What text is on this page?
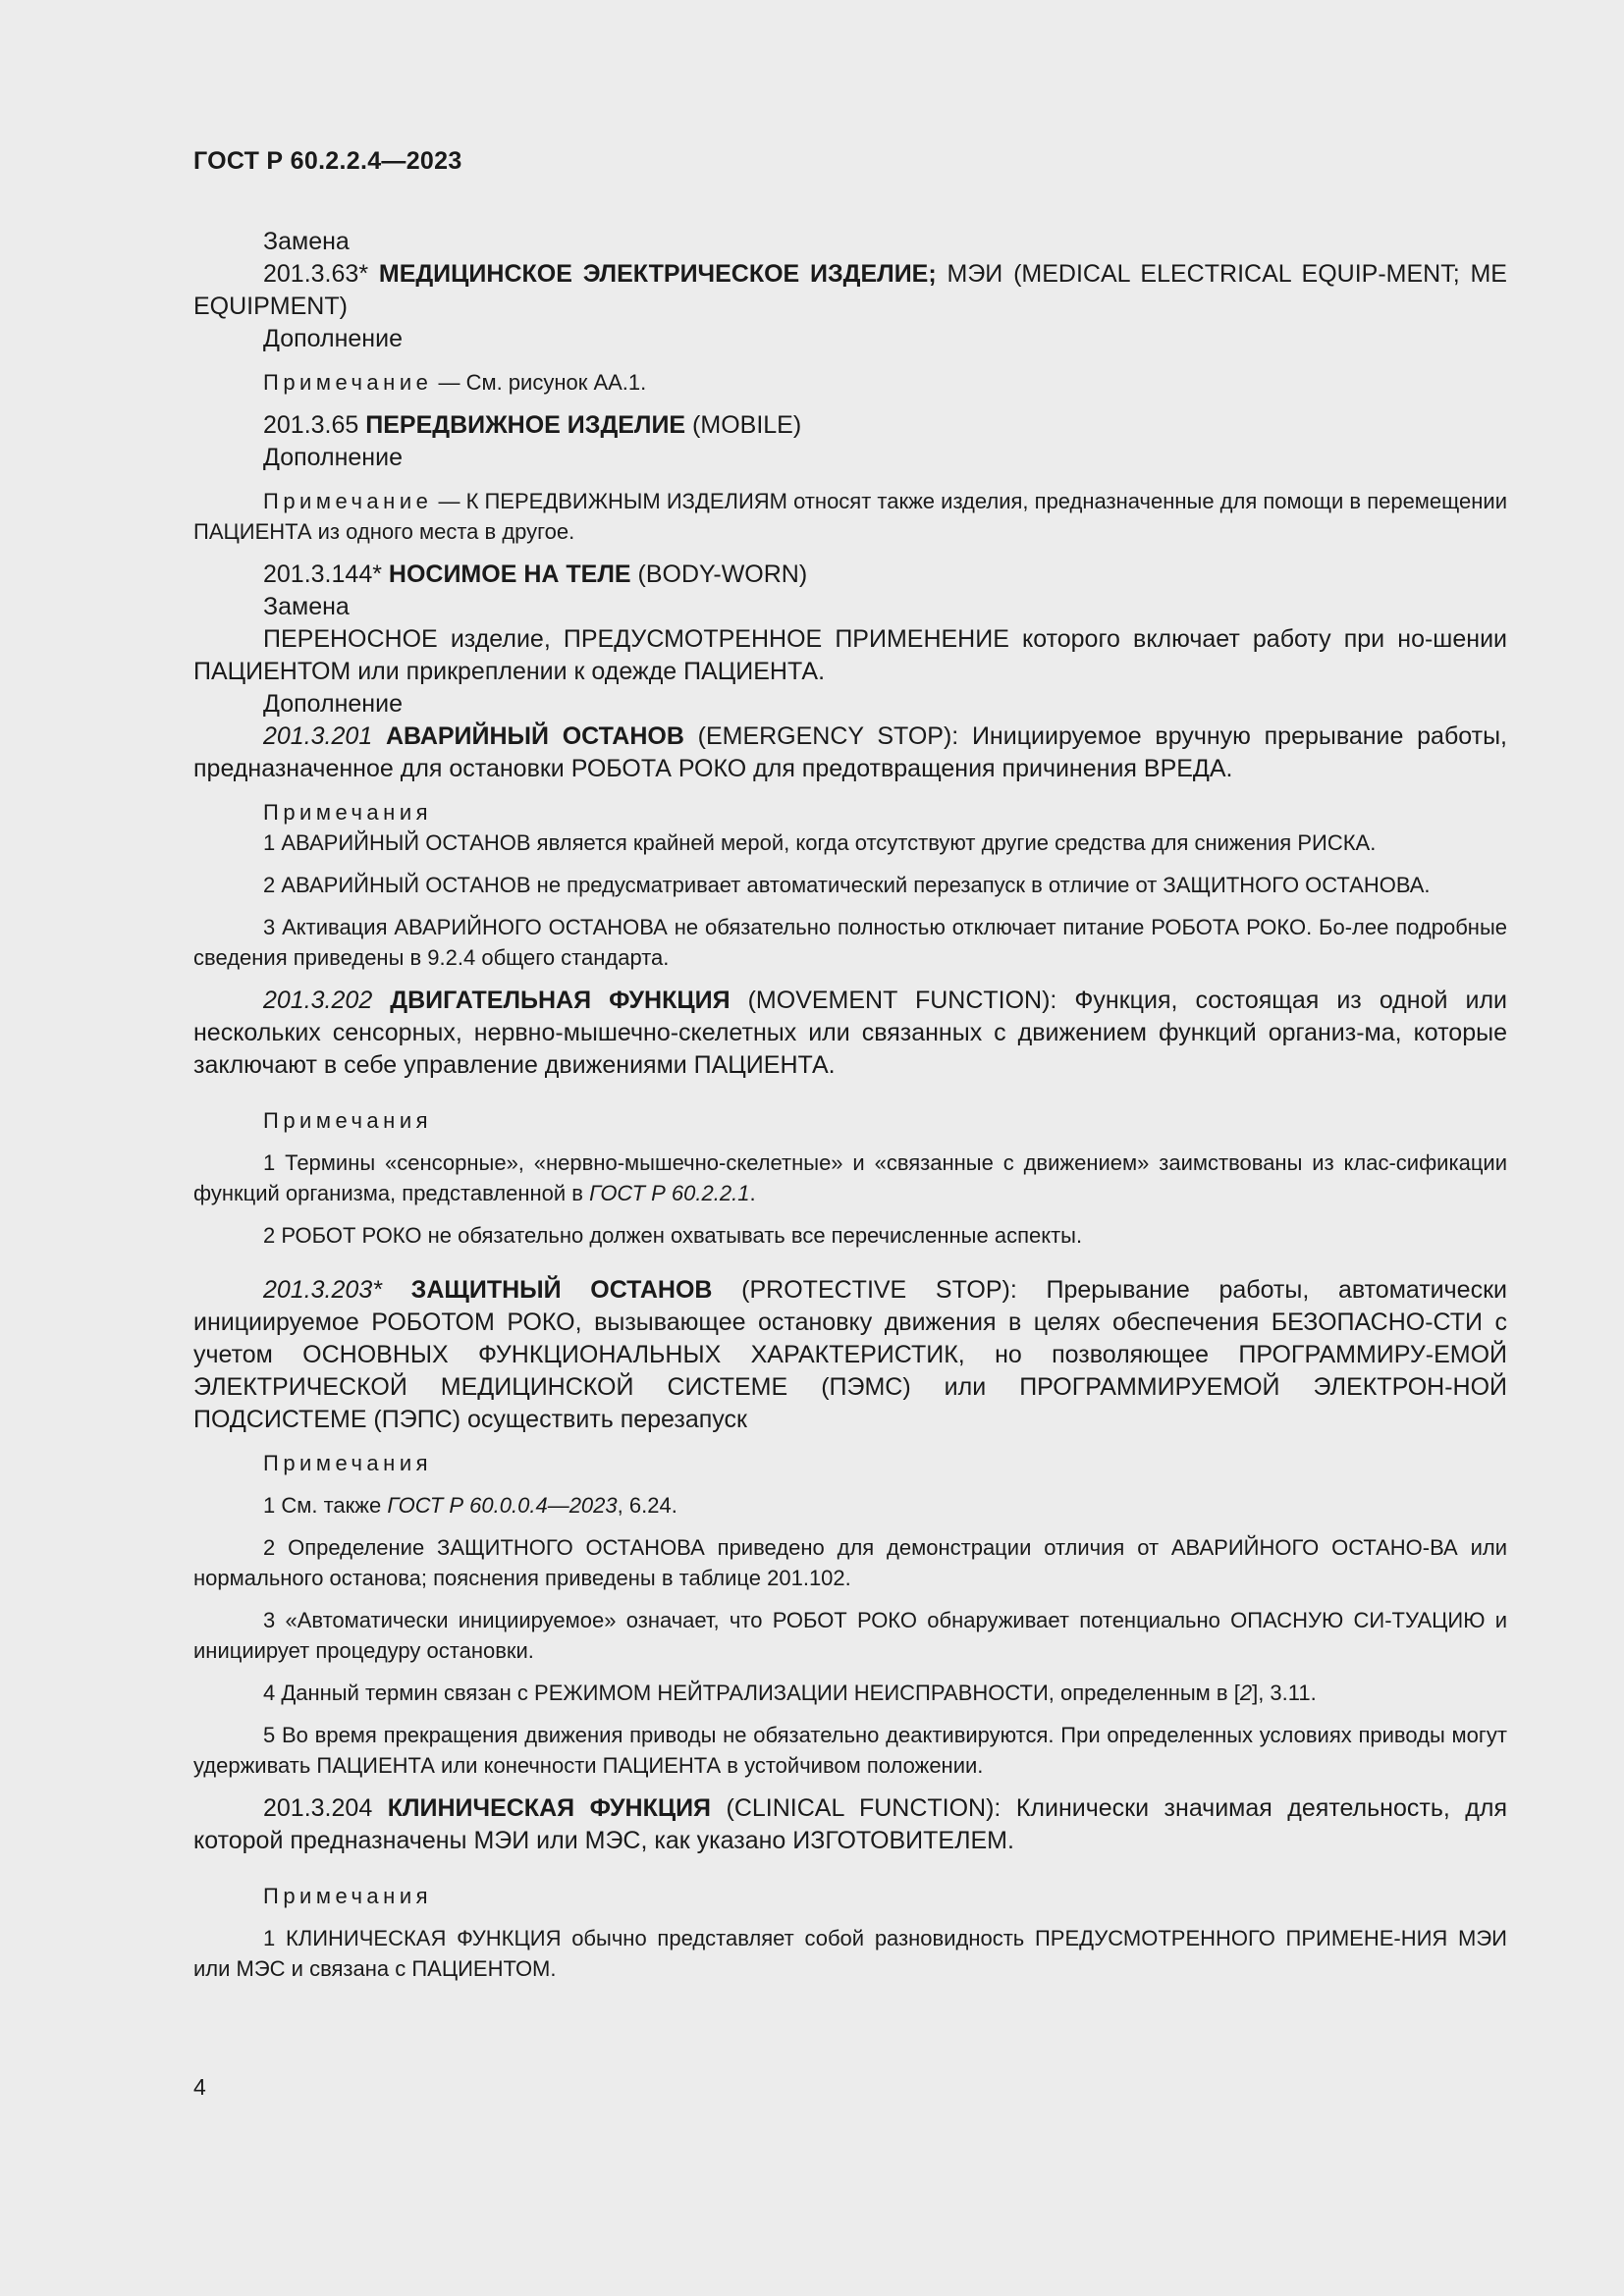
ГОСТ Р 60.2.2.4—2023
Замена
201.3.63* МЕДИЦИНСКОЕ ЭЛЕКТРИЧЕСКОЕ ИЗДЕЛИЕ; МЭИ (MEDICAL ELECTRICAL EQUIP-MENT; ME EQUIPMENT)
Дополнение
Примечание — См. рисунок АА.1.
201.3.65 ПЕРЕДВИЖНОЕ ИЗДЕЛИЕ (MOBILE)
Дополнение
Примечание — К ПЕРЕДВИЖНЫМ ИЗДЕЛИЯМ относят также изделия, предназначенные для помощи в перемещении ПАЦИЕНТА из одного места в другое.
201.3.144* НОСИМОЕ НА ТЕЛЕ (BODY-WORN)
Замена
ПЕРЕНОСНОЕ изделие, ПРЕДУСМОТРЕННОЕ ПРИМЕНЕНИЕ которого включает работу при но-шении ПАЦИЕНТОМ или прикреплении к одежде ПАЦИЕНТА.
Дополнение
201.3.201 АВАРИЙНЫЙ ОСТАНОВ (EMERGENCY STOP): Инициируемое вручную прерывание работы, предназначенное для остановки РОБОТА РОКО для предотвращения причинения ВРЕДА.
Примечания
1 АВАРИЙНЫЙ ОСТАНОВ является крайней мерой, когда отсутствуют другие средства для снижения РИСКА.
2 АВАРИЙНЫЙ ОСТАНОВ не предусматривает автоматический перезапуск в отличие от ЗАЩИТНОГО ОСТАНОВА.
3 Активация АВАРИЙНОГО ОСТАНОВА не обязательно полностью отключает питание РОБОТА РОКО. Бо-лее подробные сведения приведены в 9.2.4 общего стандарта.
201.3.202 ДВИГАТЕЛЬНАЯ ФУНКЦИЯ (MOVEMENT FUNCTION): Функция, состоящая из одной или нескольких сенсорных, нервно-мышечно-скелетных или связанных с движением функций организ-ма, которые заключают в себе управление движениями ПАЦИЕНТА.
Примечания
1 Термины «сенсорные», «нервно-мышечно-скелетные» и «связанные с движением» заимствованы из клас-сификации функций организма, представленной в ГОСТ Р 60.2.2.1.
2 РОБОТ РОКО не обязательно должен охватывать все перечисленные аспекты.
201.3.203* ЗАЩИТНЫЙ ОСТАНОВ (PROTECTIVE STOP): Прерывание работы, автоматически инициируемое РОБОТОМ РОКО, вызывающее остановку движения в целях обеспечения БЕЗОПАСНО-СТИ с учетом ОСНОВНЫХ ФУНКЦИОНАЛЬНЫХ ХАРАКТЕРИСТИК, но позволяющее ПРОГРАММИРУ-ЕМОЙ ЭЛЕКТРИЧЕСКОЙ МЕДИЦИНСКОЙ СИСТЕМЕ (ПЭМС) или ПРОГРАММИРУЕМОЙ ЭЛЕКТРОН-НОЙ ПОДСИСТЕМЕ (ПЭПС) осуществить перезапуск
Примечания
1 См. также ГОСТ Р 60.0.0.4—2023, 6.24.
2 Определение ЗАЩИТНОГО ОСТАНОВА приведено для демонстрации отличия от АВАРИЙНОГО ОСТАНО-ВА или нормального останова; пояснения приведены в таблице 201.102.
3 «Автоматически инициируемое» означает, что РОБОТ РОКО обнаруживает потенциально ОПАСНУЮ СИ-ТУАЦИЮ и инициирует процедуру остановки.
4 Данный термин связан с РЕЖИМОМ НЕЙТРАЛИЗАЦИИ НЕИСПРАВНОСТИ, определенным в [2], 3.11.
5 Во время прекращения движения приводы не обязательно деактивируются. При определенных условиях приводы могут удерживать ПАЦИЕНТА или конечности ПАЦИЕНТА в устойчивом положении.
201.3.204 КЛИНИЧЕСКАЯ ФУНКЦИЯ (CLINICAL FUNCTION): Клинически значимая деятельность, для которой предназначены МЭИ или МЭС, как указано ИЗГОТОВИТЕЛЕМ.
Примечания
1 КЛИНИЧЕСКАЯ ФУНКЦИЯ обычно представляет собой разновидность ПРЕДУСМОТРЕННОГО ПРИМЕНЕ-НИЯ МЭИ или МЭС и связана с ПАЦИЕНТОМ.
4
